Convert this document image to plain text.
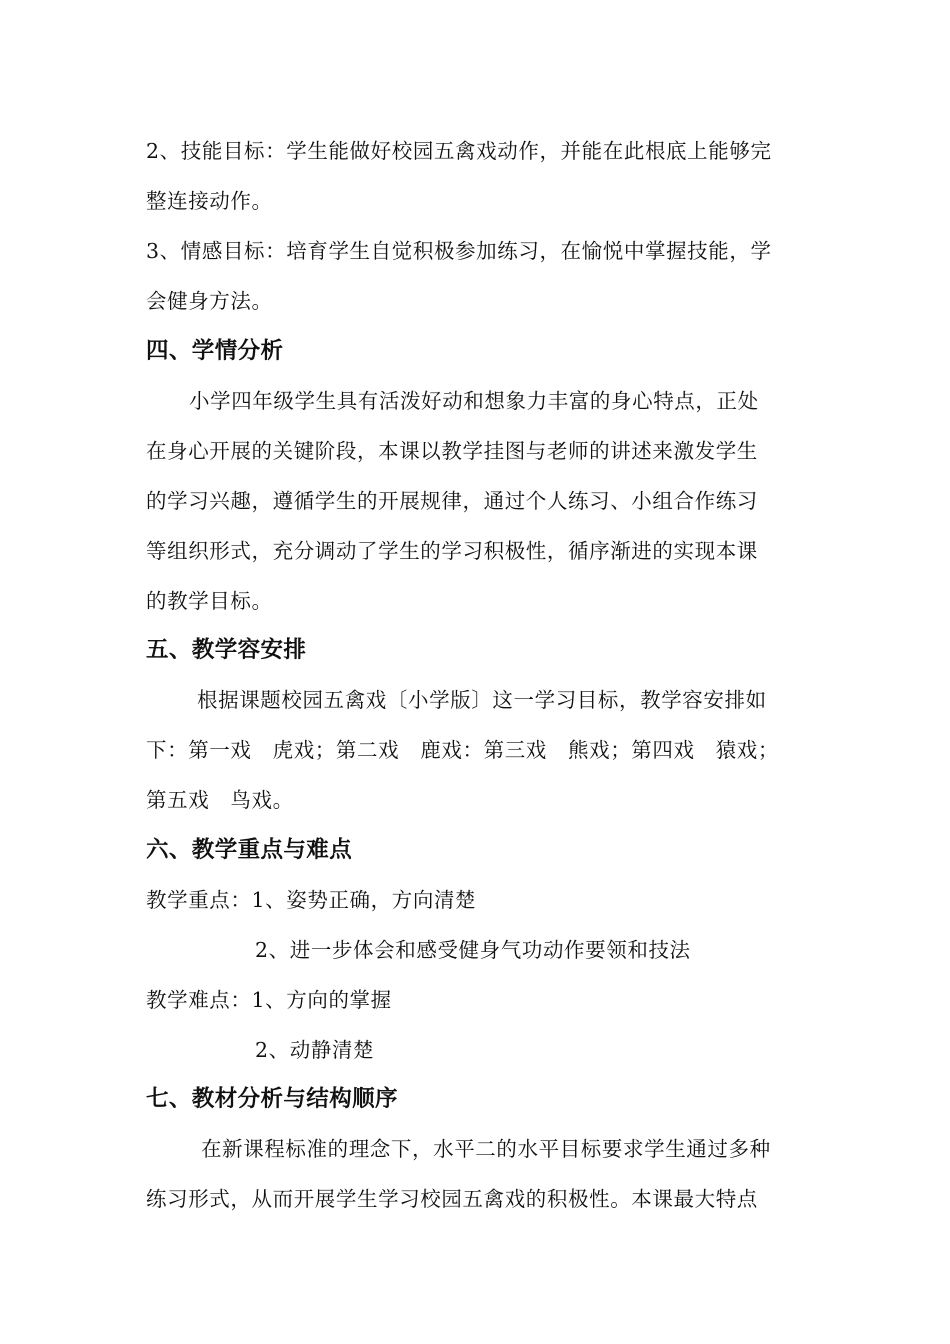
2、技能目标：学生能做好校园五禽戏动作，并能在此根底上能够完
整连接动作。
3、情感目标：培育学生自觉积极参加练习，在愉悦中掌握技能，学
会健身方法。
四、学情分析
小学四年级学生具有活泼好动和想象力丰富的身心特点，正处
在身心开展的关键阶段，本课以教学挂图与老师的讲述来激发学生
的学习兴趣，遵循学生的开展规律，通过个人练习、小组合作练习
等组织形式，充分调动了学生的学习积极性，循序渐进的实现本课
的教学目标。
五、教学容安排
根据课题校园五禽戏〔小学版〕这一学习目标，教学容安排如
下：第一戏　虎戏；第二戏　鹿戏：第三戏　熊戏；第四戏　猿戏；
第五戏　鸟戏。
六、教学重点与难点
教学重点：1、姿势正确，方向清楚
2、进一步体会和感受健身气功动作要领和技法
教学难点：1、方向的掌握
2、动静清楚
七、教材分析与结构顺序
在新课程标准的理念下，水平二的水平目标要求学生通过多种
练习形式，从而开展学生学习校园五禽戏的积极性。本课最大特点
